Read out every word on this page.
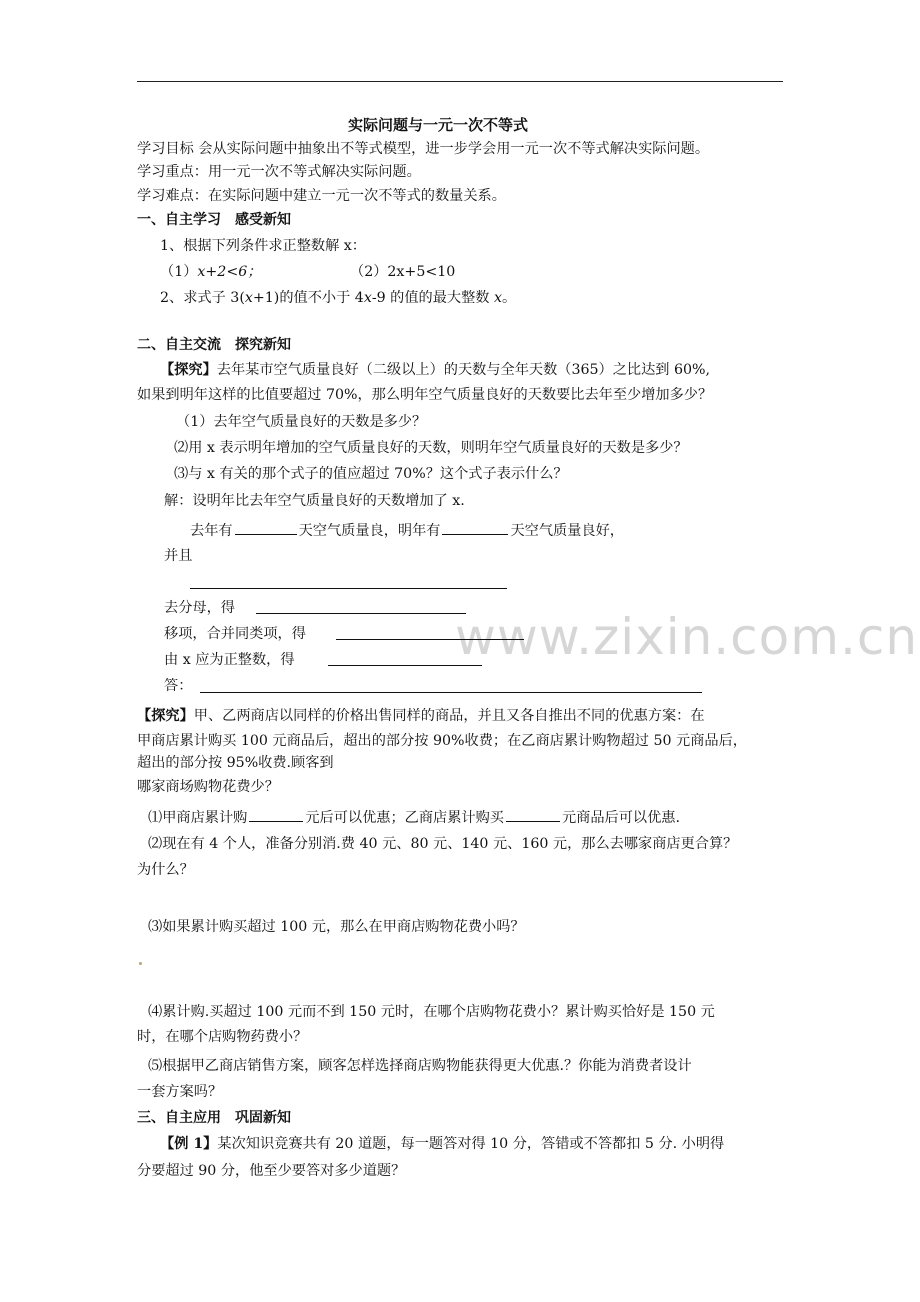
www.zixin.com.cn
实际问题与一元一次不等式
学习目标 会从实际问题中抽象出不等式模型，进一步学会用一元一次不等式解决实际问题。
学习重点：用一元一次不等式解决实际问题。
学习难点：在实际问题中建立一元一次不等式的数量关系。
一、自主学习　感受新知
1、根据下列条件求正整数解 x：
（1）x+2<6；	（2）2x+5<10
2、求式子 3(x+1)的值不小于 4x-9 的值的最大整数 x。
二、自主交流　探究新知
【探究】去年某市空气质量良好（二级以上）的天数与全年天数（365）之比达到 60%,
如果到明年这样的比值要超过 70%，那么明年空气质量良好的天数要比去年至少增加多少？
（1）去年空气质量良好的天数是多少？
⑵用 x 表示明年增加的空气质量良好的天数，则明年空气质量良好的天数是多少？
⑶与 x 有关的那个式子的值应超过 70%？这个式子表示什么？
解：设明年比去年空气质量良好的天数增加了 x.
去年有	天空气质量良，明年有	天空气质量良好，
并且
去分母，得
移项，合并同类项，得
由 x 应为正整数，得
答：
【探究】甲、乙两商店以同样的价格出售同样的商品，并且又各自推出不同的优惠方案：在
甲商店累计购买 100 元商品后，超出的部分按 90%收费；在乙商店累计购物超过 50 元商品后，
超出的部分按 95%收费.顾客到
哪家商场购物花费少？
⑴甲商店累计购	元后可以优惠；乙商店累计购买	元商品后可以优惠.
⑵现在有 4 个人，准备分别消.费 40 元、80 元、140 元、160 元，那么去哪家商店更合算？
为什么？
⑶如果累计购买超过 100 元，那么在甲商店购物花费小吗？
⑷累计购.买超过 100 元而不到 150 元时，在哪个店购物花费小？累计购买恰好是 150 元
时，在哪个店购物药费小？
⑸根据甲乙商店销售方案，顾客怎样选择商店购物能获得更大优惠.？你能为消费者设计
一套方案吗？
三、自主应用　巩固新知
【例 1】某次知识竞赛共有 20 道题，每一题答对得 10 分，答错或不答都扣 5 分. 小明得
分要超过 90 分，他至少要答对多少道题？
